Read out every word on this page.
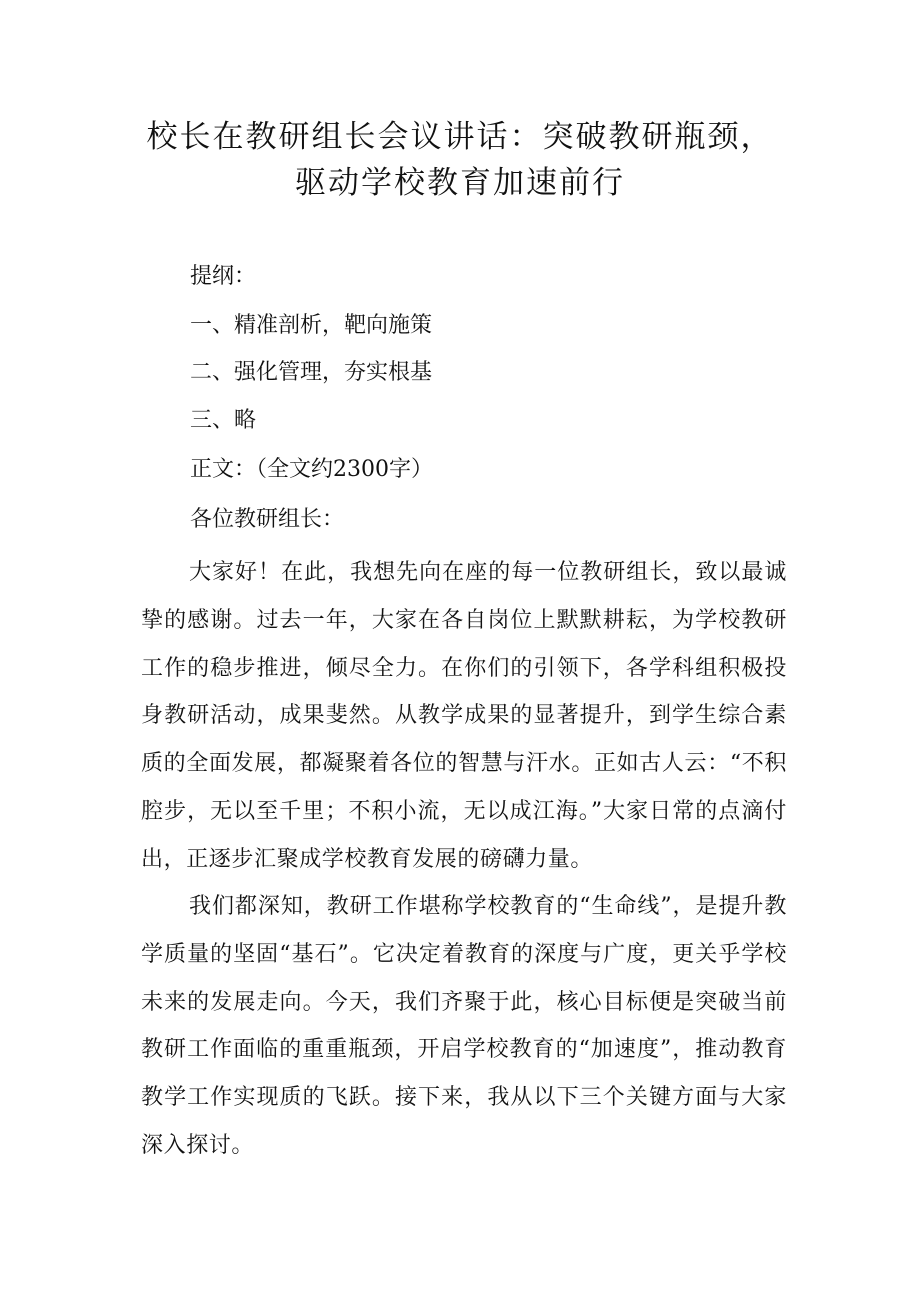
校长在教研组长会议讲话：突破教研瓶颈，
驱动学校教育加速前行
提纲：
一、精准剖析，靶向施策
二、强化管理，夯实根基
三、略
正文：（全文约2300字）
各位教研组长：
大家好！在此，我想先向在座的每一位教研组长，致以最诚挚的感谢。过去一年，大家在各自岗位上默默耕耘，为学校教研工作的稳步推进，倾尽全力。在你们的引领下，各学科组积极投身教研活动，成果斐然。从教学成果的显著提升，到学生综合素质的全面发展，都凝聚着各位的智慧与汗水。正如古人云：“不积腔步，无以至千里；不积小流，无以成江海。”大家日常的点滴付出，正逐步汇聚成学校教育发展的磅礴力量。
我们都深知，教研工作堪称学校教育的“生命线”，是提升教学质量的坚固“基石”。它决定着教育的深度与广度，更关乎学校未来的发展走向。今天，我们齐聚于此，核心目标便是突破当前教研工作面临的重重瓶颈，开启学校教育的“加速度”，推动教育教学工作实现质的飞跃。接下来，我从以下三个关键方面与大家深入探讨。
